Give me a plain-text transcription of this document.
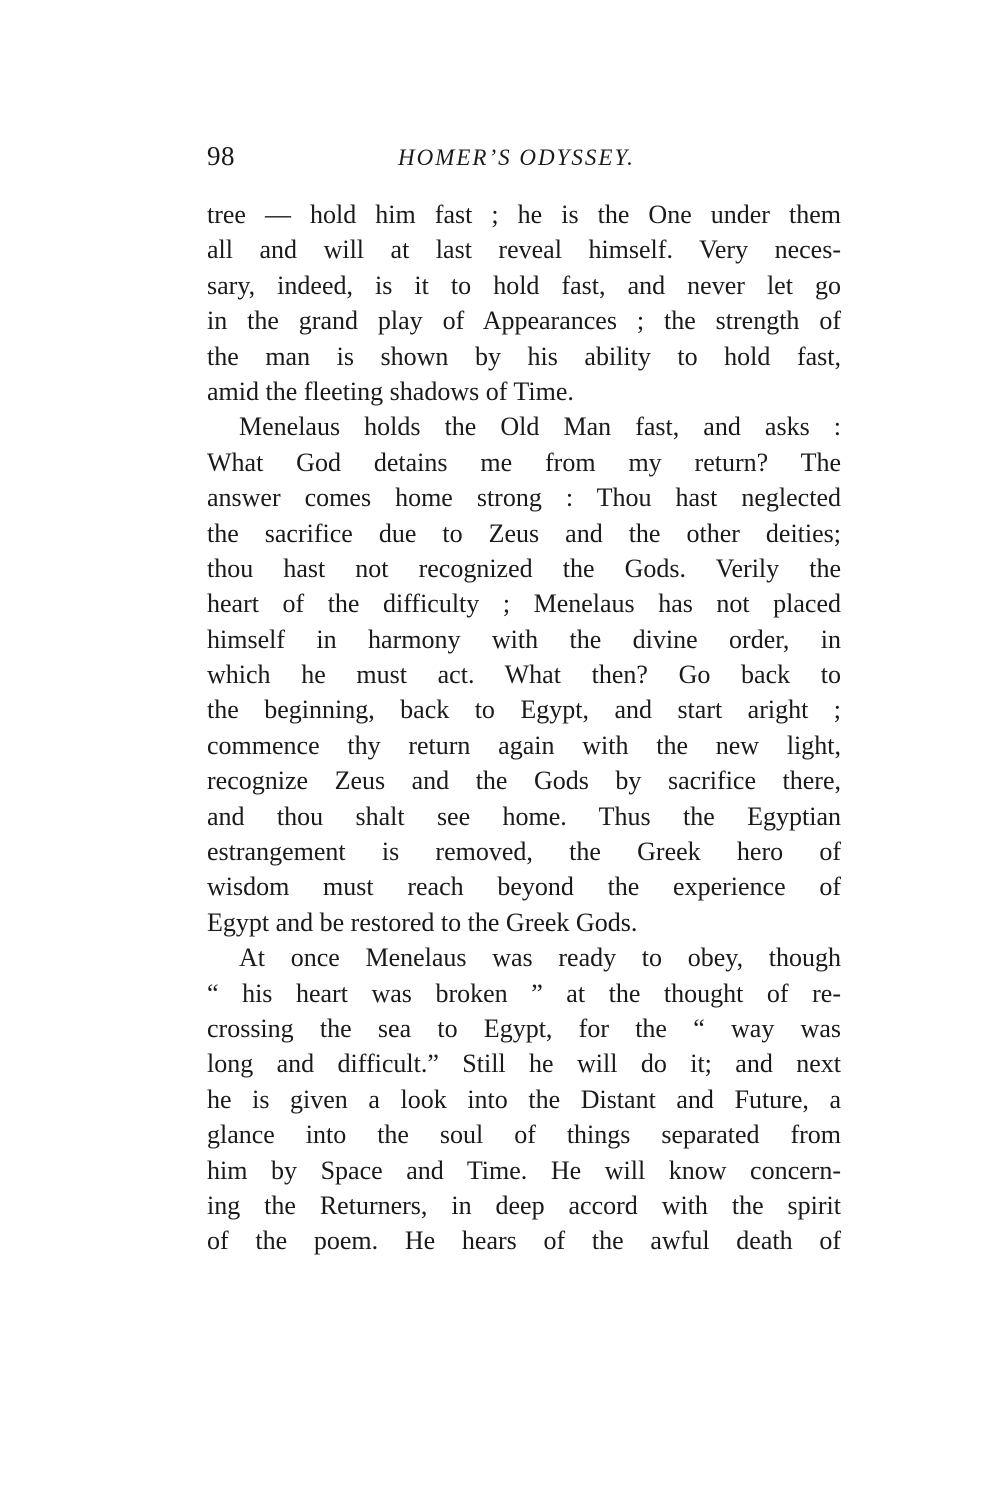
98	HOMER’S ODYSSEY.
tree — hold him fast ; he is the One under them
all and will at last reveal himself. Very neces-
sary, indeed, is it to hold fast, and never let go
in the grand play of Appearances ; the strength of
the man is shown by his ability to hold fast,
amid the fleeting shadows of Time.
Menelaus holds the Old Man fast, and asks :
What God detains me from my return? The
answer comes home strong : Thou hast neglected
the sacrifice due to Zeus and the other deities;
thou hast not recognized the Gods. Verily the
heart of the difficulty ; Menelaus has not placed
himself in harmony with the divine order, in
which he must act. What then? Go back to
the beginning, back to Egypt, and start aright ;
commence thy return again with the new light,
recognize Zeus and the Gods by sacrifice there,
and thou shalt see home. Thus the Egyptian
estrangement is removed, the Greek hero of
wisdom must reach beyond the experience of
Egypt and be restored to the Greek Gods.
At once Menelaus was ready to obey, though
“ his heart was broken ” at the thought of re-
crossing the sea to Egypt, for the “ way was
long and difficult.” Still he will do it; and next
he is given a look into the Distant and Future, a
glance into the soul of things separated from
him by Space and Time. He will know concern-
ing the Returners, in deep accord with the spirit
of the poem. He hears of the awful death of
